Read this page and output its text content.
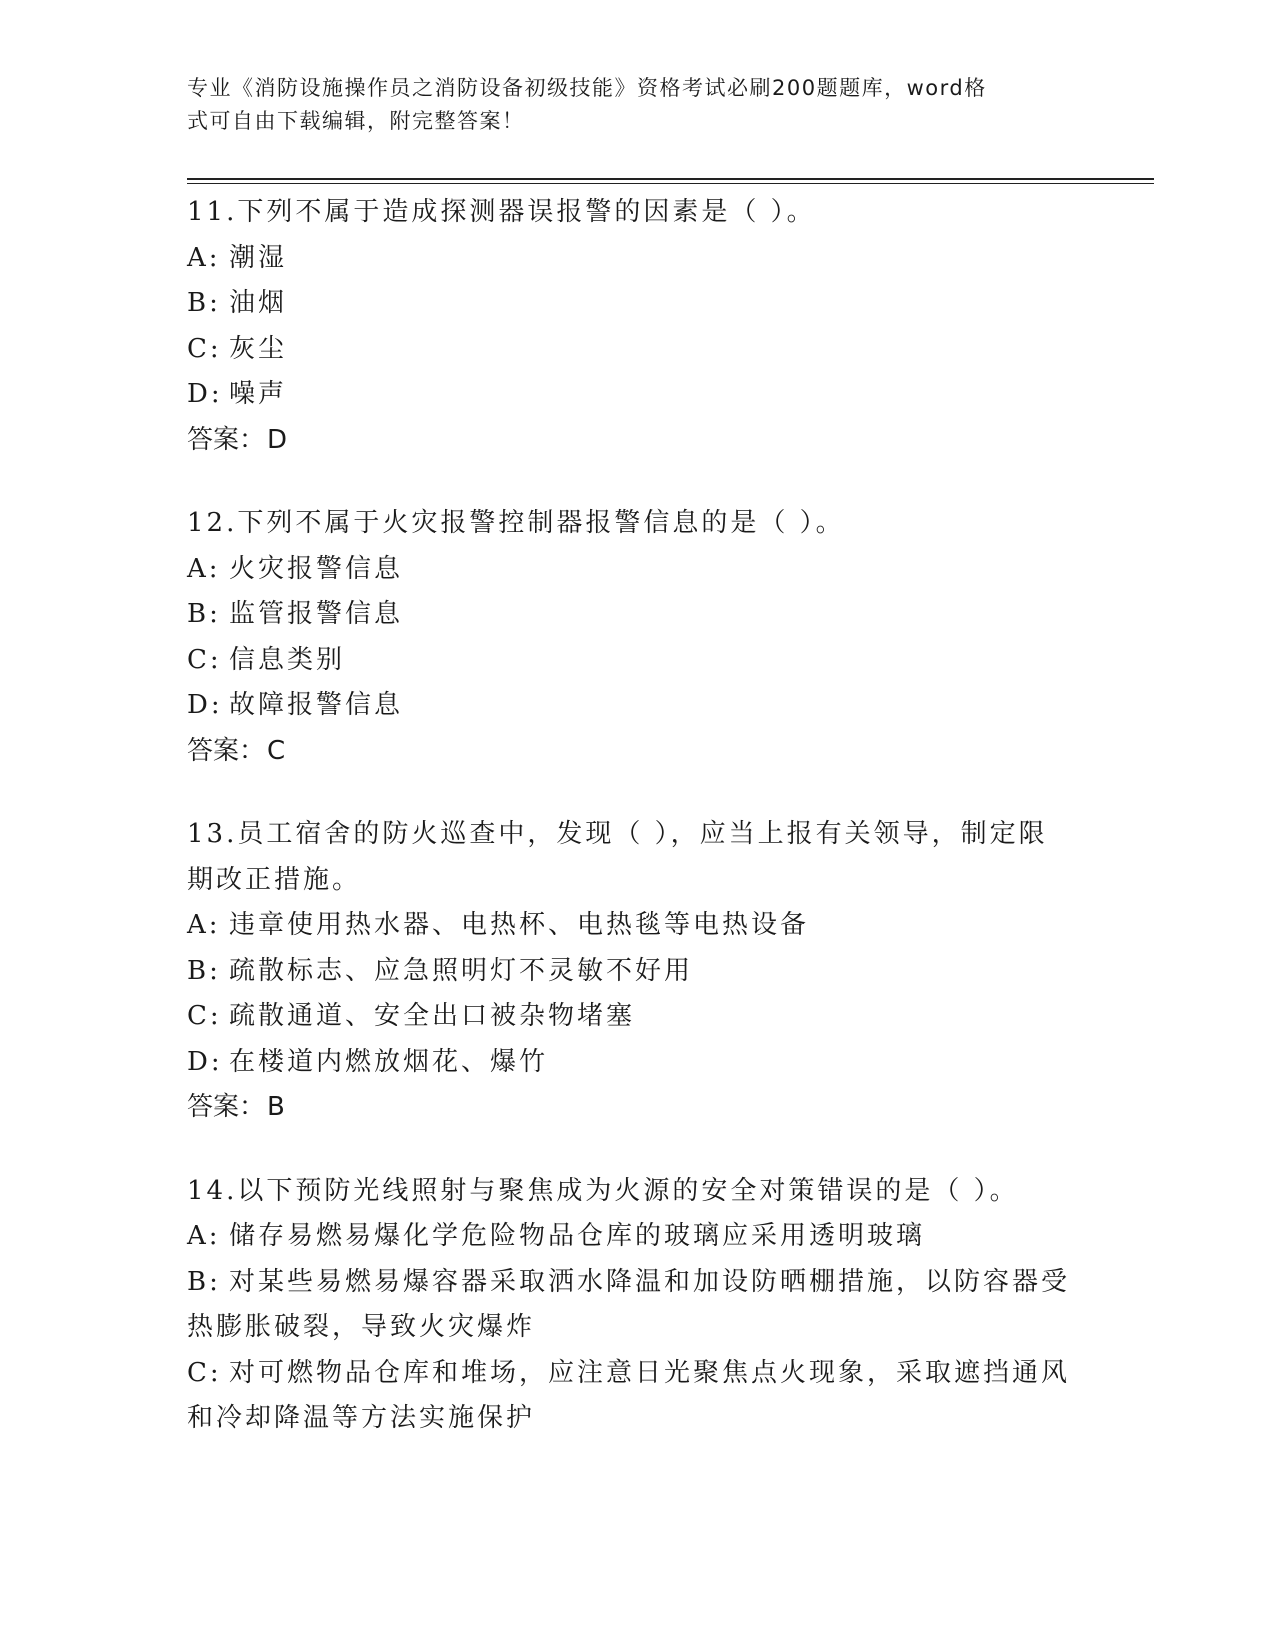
专业《消防设施操作员之消防设备初级技能》资格考试必刷200题题库，word格
式可自由下载编辑，附完整答案！

11.下列不属于造成探测器误报警的因素是（ ）。

A: 潮湿

B: 油烟

C: 灰尘

D: 噪声

答案：D

12.下列不属于火灾报警控制器报警信息的是（ ）。

A: 火灾报警信息

B: 监管报警信息

C: 信息类别

D: 故障报警信息

答案：C

13.员工宿舍的防火巡查中，发现（ ），应当上报有关领导，制定限

期改正措施。

A: 违章使用热水器、电热杯、电热毯等电热设备

B: 疏散标志、应急照明灯不灵敏不好用

C: 疏散通道、安全出口被杂物堵塞

D: 在楼道内燃放烟花、爆竹

答案：B

14.以下预防光线照射与聚焦成为火源的安全对策错误的是（ ）。

A: 储存易燃易爆化学危险物品仓库的玻璃应采用透明玻璃

B: 对某些易燃易爆容器采取洒水降温和加设防晒棚措施，以防容器受

热膨胀破裂，导致火灾爆炸

C: 对可燃物品仓库和堆场，应注意日光聚焦点火现象，采取遮挡通风

和冷却降温等方法实施保护
